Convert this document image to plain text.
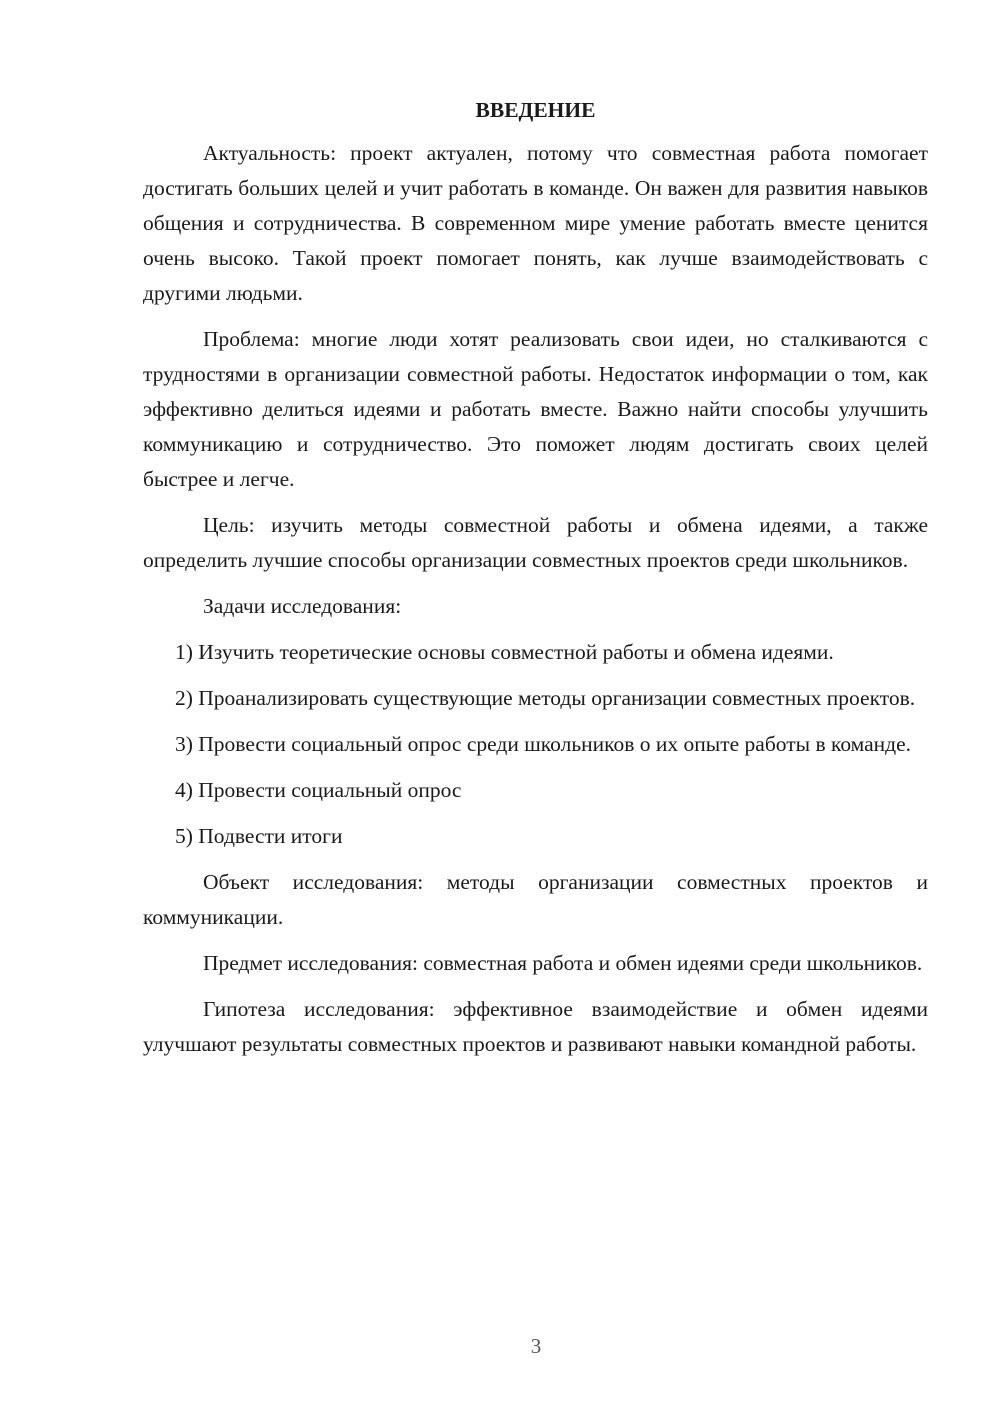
ВВЕДЕНИЕ

Актуальность: проект актуален, потому что совместная работа помогает достигать больших целей и учит работать в команде. Он важен для развития навыков общения и сотрудничества. В современном мире умение работать вместе ценится очень высоко. Такой проект помогает понять, как лучше взаимодействовать с другими людьми.

Проблема: многие люди хотят реализовать свои идеи, но сталкиваются с трудностями в организации совместной работы. Недостаток информации о том, как эффективно делиться идеями и работать вместе. Важно найти способы улучшить коммуникацию и сотрудничество. Это поможет людям достигать своих целей быстрее и легче.

Цель: изучить методы совместной работы и обмена идеями, а также определить лучшие способы организации совместных проектов среди школьников.

Задачи исследования:

1) Изучить теоретические основы совместной работы и обмена идеями.

2) Проанализировать существующие методы организации совместных проектов.

3) Провести социальный опрос среди школьников о их опыте работы в команде.

4) Провести социальный опрос

5) Подвести итоги

Объект исследования: методы организации совместных проектов и коммуникации.

Предмет исследования: совместная работа и обмен идеями среди школьников.

Гипотеза исследования: эффективное взаимодействие и обмен идеями улучшают результаты совместных проектов и развивают навыки командной работы.

3
